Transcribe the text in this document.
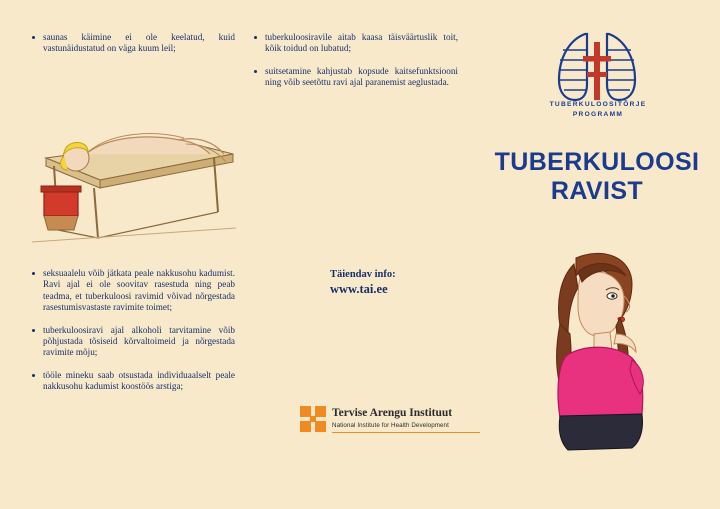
saunas käimine ei ole keelatud, kuid vastunäidustatud on väga kuum leil;
seksuaalelu võib jätkata peale nakkusohu kadumist. Ravi ajal ei ole soovitav rasestuda ning peab teadma, et tuberkuloosi ravimid võivad nõrgestada rasestumisvastaste ravimite toimet;
tuberkuloosiravi ajal alkoholi tarvitamine võib põhjustada tõsiseid kõrvaltoimeid ja nõrgestada ravimite mõju;
tööle mineku saab otsustada individuaalselt peale nakkusohu kadumist koostöös arstiga;
tuberkuloosiravile aitab kaasa täisväärtuslik toit, kõik toidud on lubatud;
suitsetamine kahjustab kopsude kaitsefunktsiooni ning võib seetõttu ravi ajal paranemist aeglustada.
Täiendav info:
www.tai.ee
Tervise Arengu Instituut
National Institute for Health Development
TUBERKULOOSITÕRJE
PROGRAMM
TUBERKULOOSI
RAVIST
